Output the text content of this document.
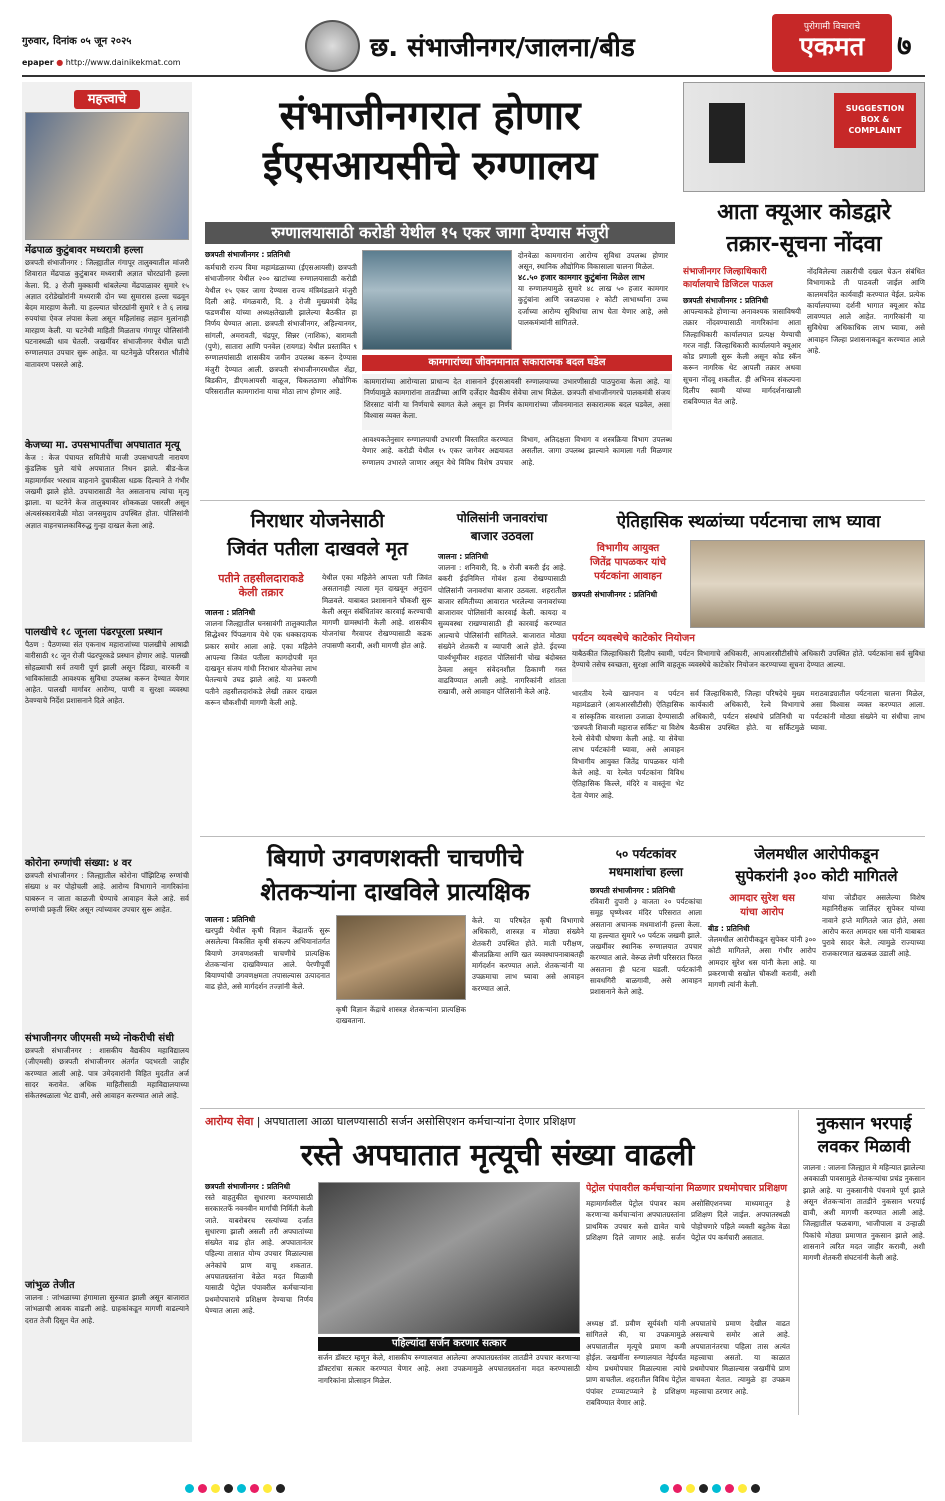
गुरुवार, दिनांक ०५ जून २०२५
epaper ● http://www.dainikekmat.com	छ. संभाजीनगर/जालना/बीड
पुरोगामी विचाराचे
एकमत	७
महत्त्वाचे
मेंढपाळ कुटुंबावर मध्यरात्री हल्ला
छत्रपती संभाजीनगर : जिल्ह्यातील गंगापूर तालुक्यातील मांजरी शिवारात मेंढपाळ कुटुंबावर मध्यरात्री अज्ञात चोरट्यांनी हल्ला केला. दि. ३ रोजी मुक्कामी थांबलेल्या मेंढपाळावर सुमारे १५ अज्ञात दरोडेखोरांनी मध्यरात्री दोन च्या सुमारास हल्ला चढवून बेदम मारहाण केली. या हल्ल्यात चोरट्यांनी सुमारे १ ते ६ लाख रुपयांचा ऐवज लंपास केला असून महिलांसह लहान मुलांनाही मारहाण केली. या घटनेची माहिती मिळताच गंगापूर पोलिसांनी घटनास्थळी धाव घेतली. जखमींवर संभाजीनगर येथील घाटी रुग्णालयात उपचार सुरू आहेत. या घटनेमुळे परिसरात भीतीचे वातावरण पसरले आहे.
केजच्या मा. उपसभापतींचा अपघातात मृत्यू
केज : केज पंचायत समितीचे माजी उपसभापती नारायण कुंडलिक घुले यांचे अपघातात निधन झाले. बीड-केज महामार्गावर भरधाव वाहनाने दुचाकीला धडक दिल्याने ते गंभीर जखमी झाले होते. उपचारासाठी नेत असतानाच त्यांचा मृत्यू झाला. या घटनेने केज तालुक्यावर शोककळा पसरली असून अंत्यसंस्कारावेळी मोठा जनसमुदाय उपस्थित होता. पोलिसांनी अज्ञात वाहनचालकाविरुद्ध गुन्हा दाखल केला आहे.
पालखीचे १८ जूनला पंढरपूरला प्रस्थान
पैठण : पैठणच्या संत एकनाथ महाराजांच्या पालखीचे आषाढी वारीसाठी १८ जून रोजी पंढरपूरकडे प्रस्थान होणार आहे. पालखी सोहळ्याची सर्व तयारी पूर्ण झाली असून दिंड्या, वारकरी व भाविकांसाठी आवश्यक सुविधा उपलब्ध करून देण्यात येणार आहेत. पालखी मार्गावर आरोग्य, पाणी व सुरक्षा व्यवस्था ठेवण्याचे निर्देश प्रशासनाने दिले आहेत.
कोरोना रुग्णांची संख्या: ४ वर
छत्रपती संभाजीनगर : जिल्ह्यातील कोरोना पॉझिटिव्ह रुग्णांची संख्या ४ वर पोहोचली आहे. आरोग्य विभागाने नागरिकांना घाबरून न जाता काळजी घेण्याचे आवाहन केले आहे. सर्व रुग्णांची प्रकृती स्थिर असून त्यांच्यावर उपचार सुरू आहेत.
संभाजीनगर जीएमसी मध्ये नोकरीची संधी
छत्रपती संभाजीनगर : शासकीय वैद्यकीय महाविद्यालय (जीएमसी) छत्रपती संभाजीनगर अंतर्गत पदभरती जाहीर करण्यात आली आहे. पात्र उमेदवारांनी विहित मुदतीत अर्ज सादर करावेत. अधिक माहितीसाठी महाविद्यालयाच्या संकेतस्थळाला भेट द्यावी, असे आवाहन करण्यात आले आहे.
जांभुळ तेजीत
जालना : जांभळाच्या हंगामाला सुरुवात झाली असून बाजारात जांभळाची आवक वाढली आहे. ग्राहकांकडून मागणी वाढल्याने दरात तेजी दिसून येत आहे.
संभाजीनगरात होणार
ईएसआयसीचे रुग्णालय
रुग्णालयासाठी करोडी येथील १५ एकर जागा देण्यास मंजुरी
छत्रपती संभाजीनगर : प्रतिनिधी
कर्मचारी राज्य विमा महामंडळाच्या (ईएसआयसी) छत्रपती संभाजीनगर येथील २०० खाटांच्या रुग्णालयासाठी करोडी येथील १५ एकर जागा देण्यास राज्य मंत्रिमंडळाने मंजुरी दिली आहे. मंगळवारी, दि. ३ रोजी मुख्यमंत्री देवेंद्र फडणवीस यांच्या अध्यक्षतेखाली झालेल्या बैठकीत हा निर्णय घेण्यात आला. छत्रपती संभाजीनगर, अहिल्यानगर, सांगली, अमरावती, चंद्रपूर, सिन्नर (नाशिक), बारामती (पुणे), सातारा आणि पनवेल (रायगड) येथील प्रस्तावित ९ रुग्णालयांसाठी शासकीय जमीन उपलब्ध करून देण्यास मंजुरी देण्यात आली. छत्रपती संभाजीनगरमधील शेंद्रा, बिडकीन, डीएमआयसी वाळूज, चिकलठाणा औद्योगिक परिसरातील कामगारांना याचा मोठा लाभ होणार आहे.
दोनवेळा कामगारांना आरोग्य सुविधा उपलब्ध होणार असून, स्थानिक औद्योगिक विकासाला चालना मिळेल.
४८.५० हजार कामगार कुटुंबांना मिळेल लाभ
या रुग्णालयामुळे सुमारे ४८ लाख ५० हजार कामगार कुटुंबांना आणि जवळपास २ कोटी लाभार्थ्यांना उच्च दर्जाच्या आरोग्य सुविधांचा लाभ घेता येणार आहे, असे पालकमंत्र्यांनी सांगितले.
कामगारांच्या जीवनमानात सकारात्मक बदल घडेल
कामगारांच्या आरोग्याला प्राधान्य देत शासनाने ईएसआयसी रुग्णालयाच्या उभारणीसाठी पाठपुरावा केला आहे. या निर्णयामुळे कामगारांना तातडीच्या आणि दर्जेदार वैद्यकीय सेवेचा लाभ मिळेल. छत्रपती संभाजीनगरचे पालकमंत्री संजय शिरसाट यांनी या निर्णयाचे स्वागत केले असून हा निर्णय कामगारांच्या जीवनमानात सकारात्मक बदल घडवेल, असा विश्वास व्यक्त केला.
आवश्यकतेनुसार रुग्णालयाची उभारणी विस्तारित करण्यात येणार आहे. करोडी येथील १५ एकर जागेवर अद्ययावत रुग्णालय उभारले जाणार असून येथे विविध विशेष उपचार विभाग, अतिदक्षता विभाग व शस्त्रक्रिया विभाग उपलब्ध असतील. जागा उपलब्ध झाल्याने कामाला गती मिळणार आहे.
SUGGESTION BOX & COMPLAINT
आता क्यूआर कोडद्वारे
तक्रार-सूचना नोंदवा
संभाजीनगर जिल्हाधिकारी कार्यालयाचे डिजिटल पाऊल
छत्रपती संभाजीनगर : प्रतिनिधी
आपल्याकडे होणाऱ्या अनावश्यक त्रासाविषयी तक्रार नोंदवण्यासाठी नागरिकांना आता जिल्हाधिकारी कार्यालयात प्रत्यक्ष येण्याची गरज नाही. जिल्हाधिकारी कार्यालयाने क्यूआर कोड प्रणाली सुरू केली असून कोड स्कॅन करून नागरिक थेट आपली तक्रार अथवा सूचना नोंदवू शकतील. ही अभिनव संकल्पना दिलीप स्वामी यांच्या मार्गदर्शनाखाली राबविण्यात येत आहे.
नोंदविलेल्या तक्रारीची दखल घेऊन संबंधित विभागाकडे ती पाठवली जाईल आणि कालमर्यादेत कार्यवाही करण्यात येईल. प्रत्येक कार्यालयाच्या दर्शनी भागात क्यूआर कोड लावण्यात आले आहेत. नागरिकांनी या सुविधेचा अधिकाधिक लाभ घ्यावा, असे आवाहन जिल्हा प्रशासनाकडून करण्यात आले आहे.
निराधार योजनेसाठी
जिवंत पतीला दाखवले मृत
पतीने तहसीलदाराकडे
केली तक्रार
जालना : प्रतिनिधी
जालना जिल्ह्यातील घनसावंगी तालुक्यातील सिद्धेश्वर पिंपळगाव येथे एक धक्कादायक प्रकार समोर आला आहे. एका महिलेने आपल्या जिवंत पतीला कागदोपत्री मृत दाखवून संजय गांधी निराधार योजनेचा लाभ घेतल्याचे उघड झाले आहे. या प्रकरणी पतीने तहसीलदारांकडे लेखी तक्रार दाखल करून चौकशीची मागणी केली आहे.
येथील एका महिलेने आपला पती जिवंत असतानाही त्याला मृत दाखवून अनुदान मिळवले. याबाबत प्रशासनाने चौकशी सुरू केली असून संबंधितांवर कारवाई करण्याची मागणी ग्रामस्थांनी केली आहे. शासकीय योजनांचा गैरवापर रोखण्यासाठी कडक तपासणी करावी, अशी मागणी होत आहे.
पोलिसांनी जनावरांचा
बाजार उठवला
जालना : प्रतिनिधी
जालना : शनिवारी, दि. ७ रोजी बकरी ईद आहे. बकरी ईदनिमित्त गोवंश हत्या रोखण्यासाठी पोलिसांनी जनावरांचा बाजार उठवला. शहरातील बाजार समितीच्या आवारात भरलेल्या जनावरांच्या बाजारावर पोलिसांनी कारवाई केली. कायदा व सुव्यवस्था राखण्यासाठी ही कारवाई करण्यात आल्याचे पोलिसांनी सांगितले. बाजारात मोठ्या संख्येने शेतकरी व व्यापारी आले होते. ईदच्या पार्श्वभूमीवर शहरात पोलिसांनी चोख बंदोबस्त ठेवला असून संवेदनशील ठिकाणी गस्त वाढविण्यात आली आहे. नागरिकांनी शांतता राखावी, असे आवाहन पोलिसांनी केले आहे.
ऐतिहासिक स्थळांच्या पर्यटनाचा लाभ घ्यावा
विभागीय आयुक्त
जितेंद्र पापळकर यांचे
पर्यटकांना आवाहन
छत्रपती संभाजीनगर : प्रतिनिधी
पर्यटन व्यवस्थेचे काटेकोर नियोजन
याबैठकीत जिल्हाधिकारी दिलीप स्वामी, पर्यटन विभागाचे अधिकारी, आयआरसीटीसीचे अधिकारी उपस्थित होते. पर्यटकांना सर्व सुविधा देण्याचे तसेच स्वच्छता, सुरक्षा आणि वाहतूक व्यवस्थेचे काटेकोर नियोजन करण्याच्या सूचना देण्यात आल्या.
भारतीय रेल्वे खानपान व पर्यटन महामंडळाने (आयआरसीटीसी) ऐतिहासिक व सांस्कृतिक वारशाला उजाळा देण्यासाठी 'छत्रपती शिवाजी महाराज सर्किट' या विशेष रेल्वे सेवेची घोषणा केली आहे. या सेवेचा लाभ पर्यटकांनी घ्यावा, असे आवाहन विभागीय आयुक्त जितेंद्र पापळकर यांनी केले आहे. या रेल्वेत पर्यटकांना विविध ऐतिहासिक किल्ले, मंदिरे व वास्तूंना भेट देता येणार आहे.
सर्व जिल्हाधिकारी, जिल्हा परिषदेचे मुख्य कार्यकारी अधिकारी, रेल्वे विभागाचे अधिकारी, पर्यटन संस्थांचे प्रतिनिधी या बैठकीस उपस्थित होते. या सर्किटमुळे मराठवाड्यातील पर्यटनाला चालना मिळेल, असा विश्वास व्यक्त करण्यात आला. पर्यटकांनी मोठ्या संख्येने या संधीचा लाभ घ्यावा.
बियाणे उगवणशक्ती चाचणीचे
शेतकऱ्यांना दाखविले प्रात्यक्षिक
जालना : प्रतिनिधी
खरपुडी येथील कृषी विज्ञान केंद्रातर्फे सुरू असलेल्या विकसित कृषी संकल्प अभियानांतर्गत बियाणे उगवणशक्ती चाचणीचे प्रात्यक्षिक शेतकऱ्यांना दाखविण्यात आले. पेरणीपूर्वी बियाण्यांची उगवणक्षमता तपासल्यास उत्पादनात वाढ होते, असे मार्गदर्शन तज्ज्ञांनी केले.
कृषी विज्ञान केंद्राचे शास्त्रज्ञ शेतकऱ्यांना प्रात्यक्षिक दाखवताना.
केले. या परिषदेत कृषी विभागाचे अधिकारी, शास्त्रज्ञ व मोठ्या संख्येने शेतकरी उपस्थित होते. माती परीक्षण, बीजप्रक्रिया आणि खत व्यवस्थापनाबाबतही मार्गदर्शन करण्यात आले. शेतकऱ्यांनी या उपक्रमाचा लाभ घ्यावा असे आवाहन करण्यात आले.
५० पर्यटकांवर
मधमाशांचा हल्ला
छत्रपती संभाजीनगर : प्रतिनिधी
रविवारी दुपारी ३ वाजता २० पर्यटकांचा समूह घृष्णेश्वर मंदिर परिसरात आला असताना अचानक मधमाशांनी हल्ला केला. या हल्ल्यात सुमारे ५० पर्यटक जखमी झाले. जखमींवर स्थानिक रुग्णालयात उपचार करण्यात आले. वेरूळ लेणी परिसरात फिरत असताना ही घटना घडली. पर्यटकांनी सावधगिरी बाळगावी, असे आवाहन प्रशासनाने केले आहे.
जेलमधील आरोपीकडून
सुपेकरांनी ३०० कोटी मागितले
आमदार सुरेश धस
यांचा आरोप
बीड : प्रतिनिधी
जेलमधील आरोपीकडून सुपेकर यांनी ३०० कोटी मागितले, असा गंभीर आरोप आमदार सुरेश धस यांनी केला आहे. या प्रकरणाची सखोल चौकशी करावी, अशी मागणी त्यांनी केली.
यांचा जोडीदार असलेल्या विशेष महानिरीक्षक जालिंदर सुपेकर यांच्या नावाने हप्ते मागितले जात होते, असा आरोप करत आमदार धस यांनी याबाबत पुरावे सादर केले. त्यामुळे राज्याच्या राजकारणात खळबळ उडाली आहे.
आरोग्य सेवा | अपघाताला आळा घालण्यासाठी सर्जन असोसिएशन कर्मचाऱ्यांना देणार प्रशिक्षण
रस्ते अपघातात मृत्यूची संख्या वाढली
छत्रपती संभाजीनगर : प्रतिनिधी
रस्ते वाहतुकीत सुधारणा करण्यासाठी सरकारतर्फे नवनवीन मार्गांची निर्मिती केली जाते. याबरोबरच रस्त्यांच्या दर्जात सुधारणा झाली असली तरी अपघातांच्या संख्येत वाढ होत आहे. अपघातानंतर पहिल्या तासात योग्य उपचार मिळाल्यास अनेकांचे प्राण वाचू शकतात. अपघातग्रस्तांना वेळेत मदत मिळावी यासाठी पेट्रोल पंपावरील कर्मचाऱ्यांना प्रथमोपचाराचे प्रशिक्षण देण्याचा निर्णय घेण्यात आला आहे.
पहिल्यांदा सर्जन करणार सत्कार
सर्जन डॉक्टर म्हणून केले, शासकीय रुग्णालयात आलेल्या अपघातग्रस्तांवर तातडीने उपचार करणाऱ्या डॉक्टरांचा सत्कार करण्यात येणार आहे. अशा उपक्रमामुळे अपघातग्रस्तांना मदत करण्यासाठी नागरिकांना प्रोत्साहन मिळेल.
पेट्रोल पंपावरील कर्मचाऱ्यांना मिळणार प्रथमोपचार प्रशिक्षण
महामार्गावरील पेट्रोल पंपावर काम करणाऱ्या कर्मचाऱ्यांना अपघातग्रस्तांना प्राथमिक उपचार कसे द्यावेत याचे प्रशिक्षण दिले जाणार आहे. सर्जन असोसिएशनच्या माध्यमातून हे प्रशिक्षण दिले जाईल. अपघातस्थळी पोहोचणारे पहिले व्यक्ती बहुतेक वेळा पेट्रोल पंप कर्मचारी असतात.
अध्यक्ष डॉ. प्रवीण सूर्यवंशी यांनी सांगितले की, या उपक्रमामुळे अपघातातील मृत्यूचे प्रमाण कमी होईल. जखमींना रुग्णालयात नेईपर्यंत योग्य प्रथमोपचार मिळाल्यास त्यांचे प्राण वाचतील. शहरातील विविध पेट्रोल पंपांवर टप्प्याटप्प्याने हे प्रशिक्षण राबविण्यात येणार आहे.
अपघातांचे प्रमाण देखील वाढत असल्याचे समोर आले आहे. अपघातानंतरचा पहिला तास अत्यंत महत्त्वाचा असतो. या काळात प्रथमोपचार मिळाल्यास जखमींचे प्राण वाचवता येतात. त्यामुळे हा उपक्रम महत्त्वाचा ठरणार आहे.
नुकसान भरपाई
लवकर मिळावी
जालना : जालना जिल्ह्यात मे महिन्यात झालेल्या अवकाळी पावसामुळे शेतकऱ्यांचा प्रचंड नुकसान झाले आहे. या नुकसानीचे पंचनामे पूर्ण झाले असून शेतकऱ्यांना तातडीने नुकसान भरपाई द्यावी, अशी मागणी करण्यात आली आहे. जिल्ह्यातील फळबागा, भाजीपाला व उन्हाळी पिकांचे मोठ्या प्रमाणात नुकसान झाले आहे. शासनाने त्वरित मदत जाहीर करावी, अशी मागणी शेतकरी संघटनांनी केली आहे.
